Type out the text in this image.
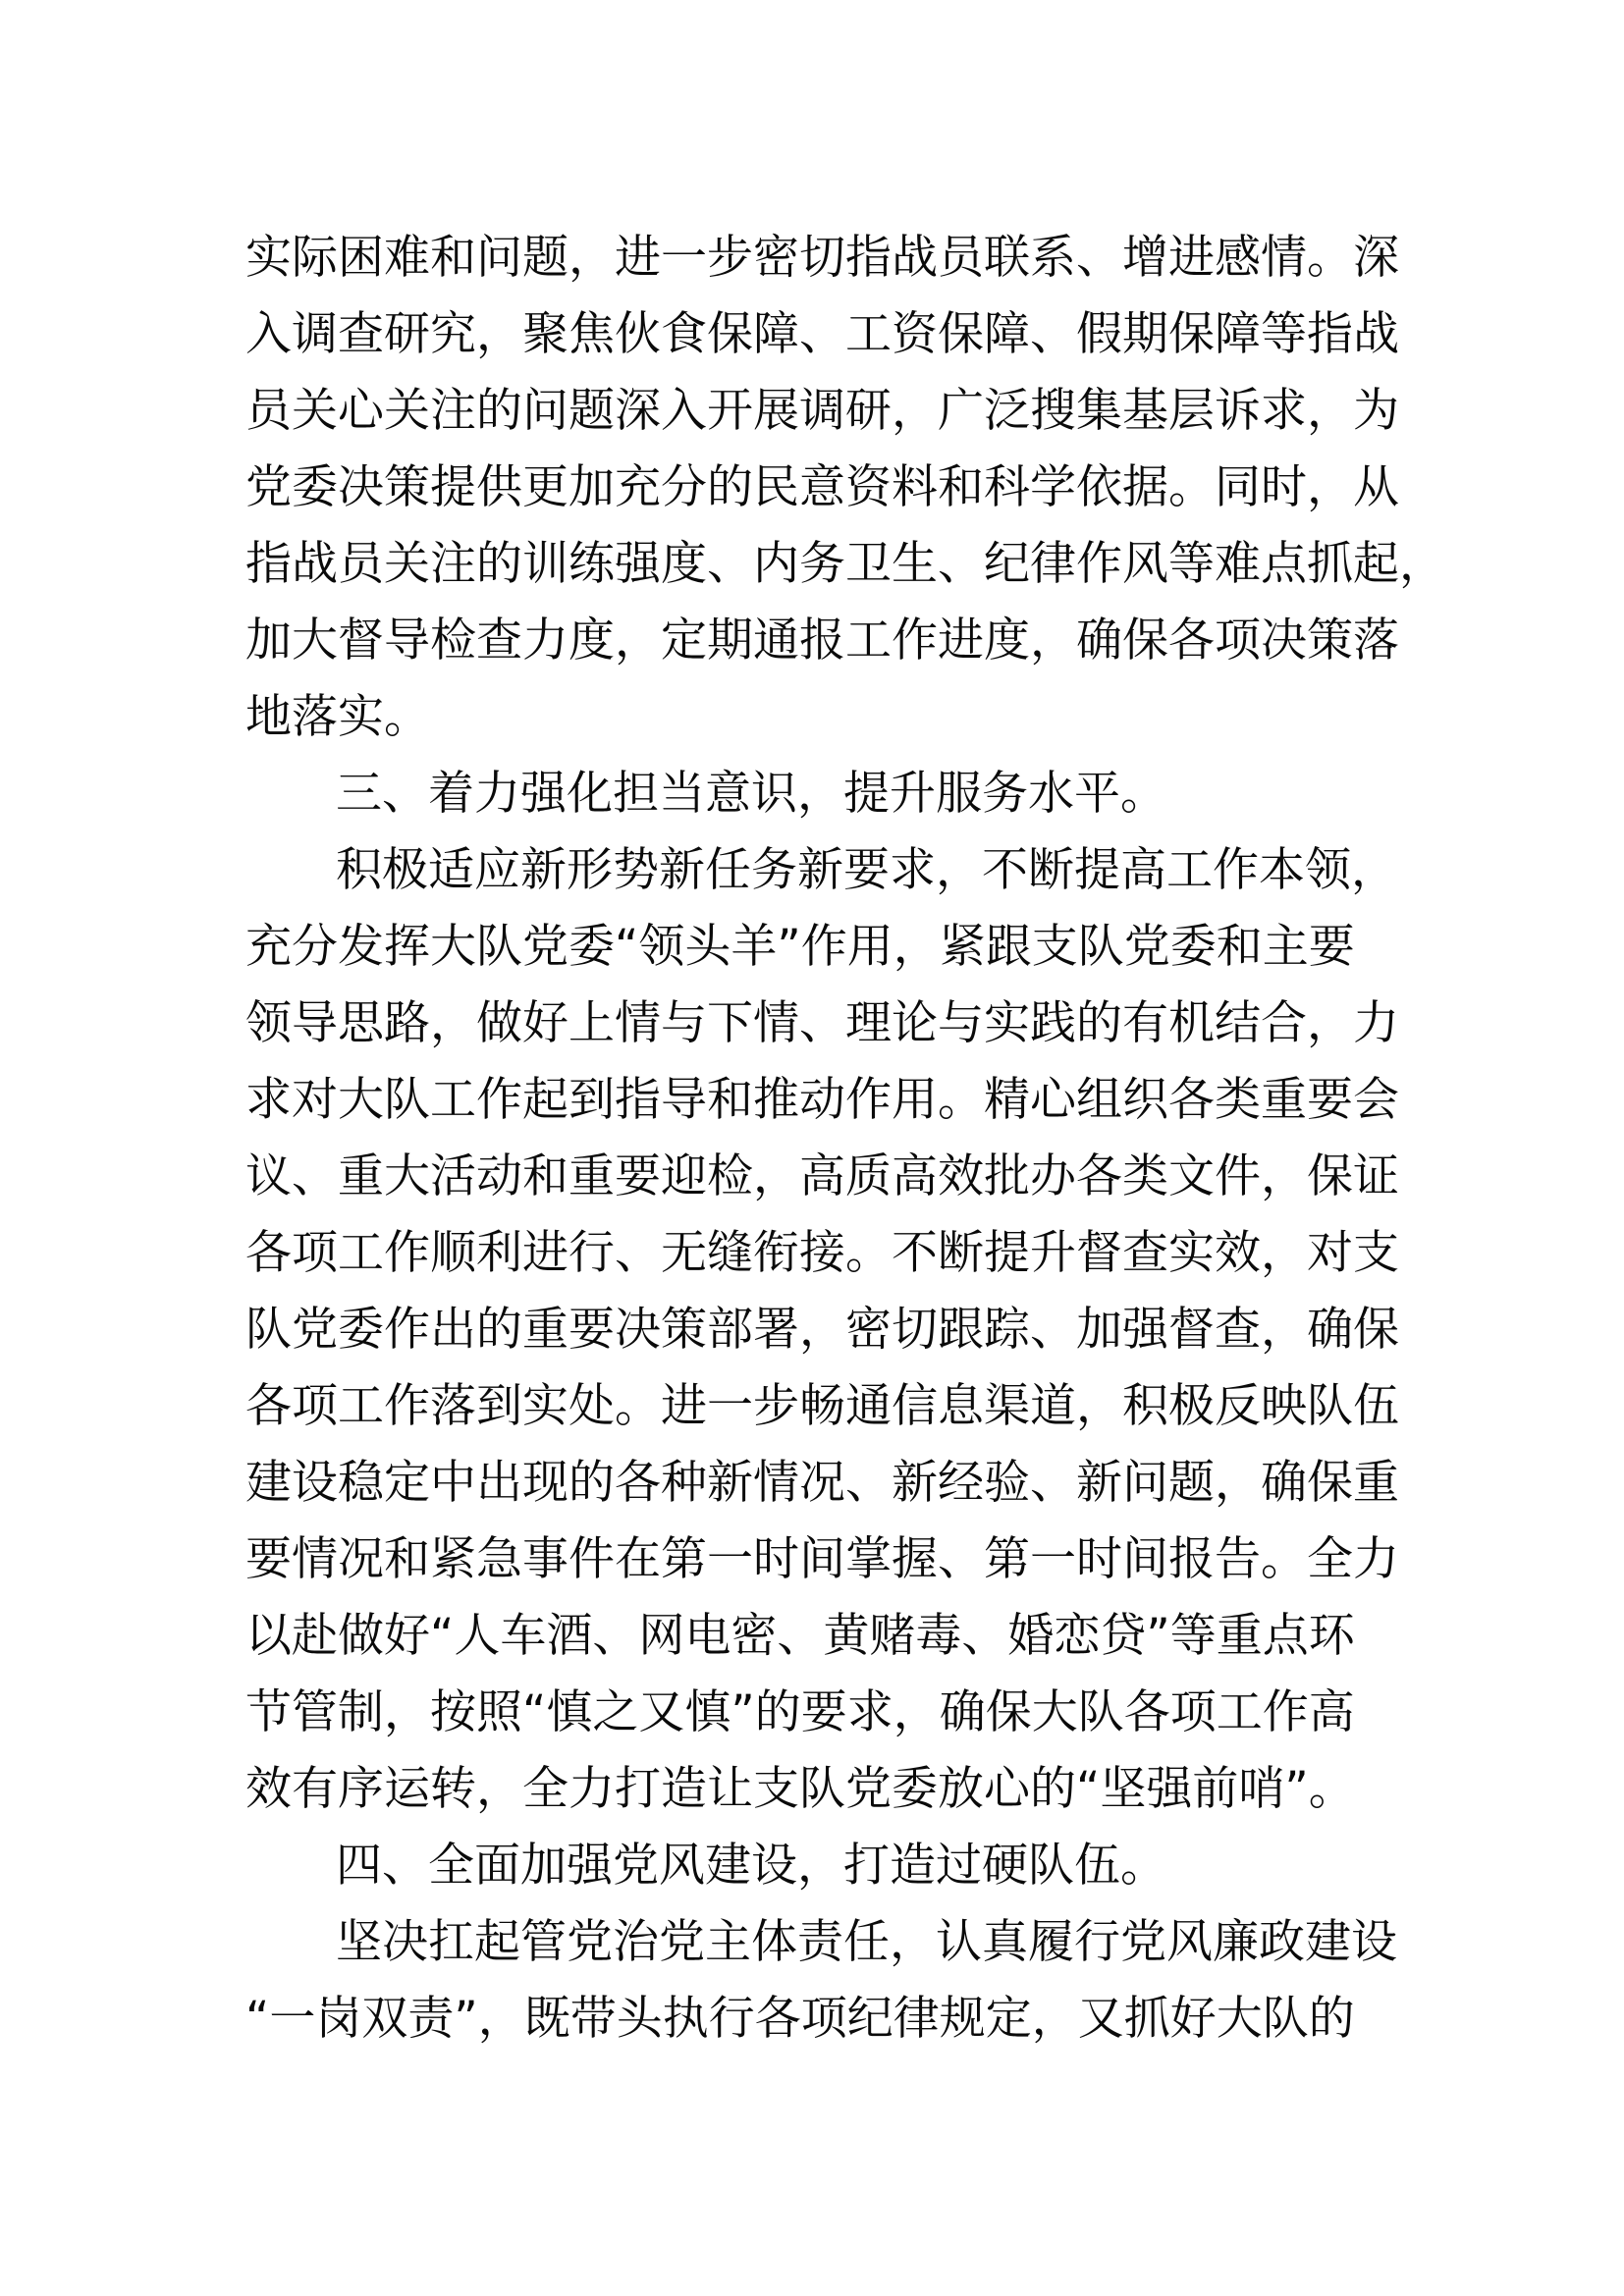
实际困难和问题，进一步密切指战员联系、增进感情。深
入调查研究，聚焦伙食保障、工资保障、假期保障等指战
员关心关注的问题深入开展调研，广泛搜集基层诉求，为
党委决策提供更加充分的民意资料和科学依据。同时，从
指战员关注的训练强度、内务卫生、纪律作风等难点抓起，
加大督导检查力度，定期通报工作进度，确保各项决策落
地落实。
三、着力强化担当意识，提升服务水平。
积极适应新形势新任务新要求，不断提高工作本领，
充分发挥大队党委“领头羊”作用，紧跟支队党委和主要
领导思路，做好上情与下情、理论与实践的有机结合，力
求对大队工作起到指导和推动作用。精心组织各类重要会
议、重大活动和重要迎检，高质高效批办各类文件，保证
各项工作顺利进行、无缝衔接。不断提升督查实效，对支
队党委作出的重要决策部署，密切跟踪、加强督查，确保
各项工作落到实处。进一步畅通信息渠道，积极反映队伍
建设稳定中出现的各种新情况、新经验、新问题，确保重
要情况和紧急事件在第一时间掌握、第一时间报告。全力
以赴做好“人车酒、网电密、黄赌毒、婚恋贷”等重点环
节管制，按照“慎之又慎”的要求，确保大队各项工作高
效有序运转，全力打造让支队党委放心的“坚强前哨”。
四、全面加强党风建设，打造过硬队伍。
坚决扛起管党治党主体责任，认真履行党风廉政建设
“一岗双责”，既带头执行各项纪律规定，又抓好大队的
